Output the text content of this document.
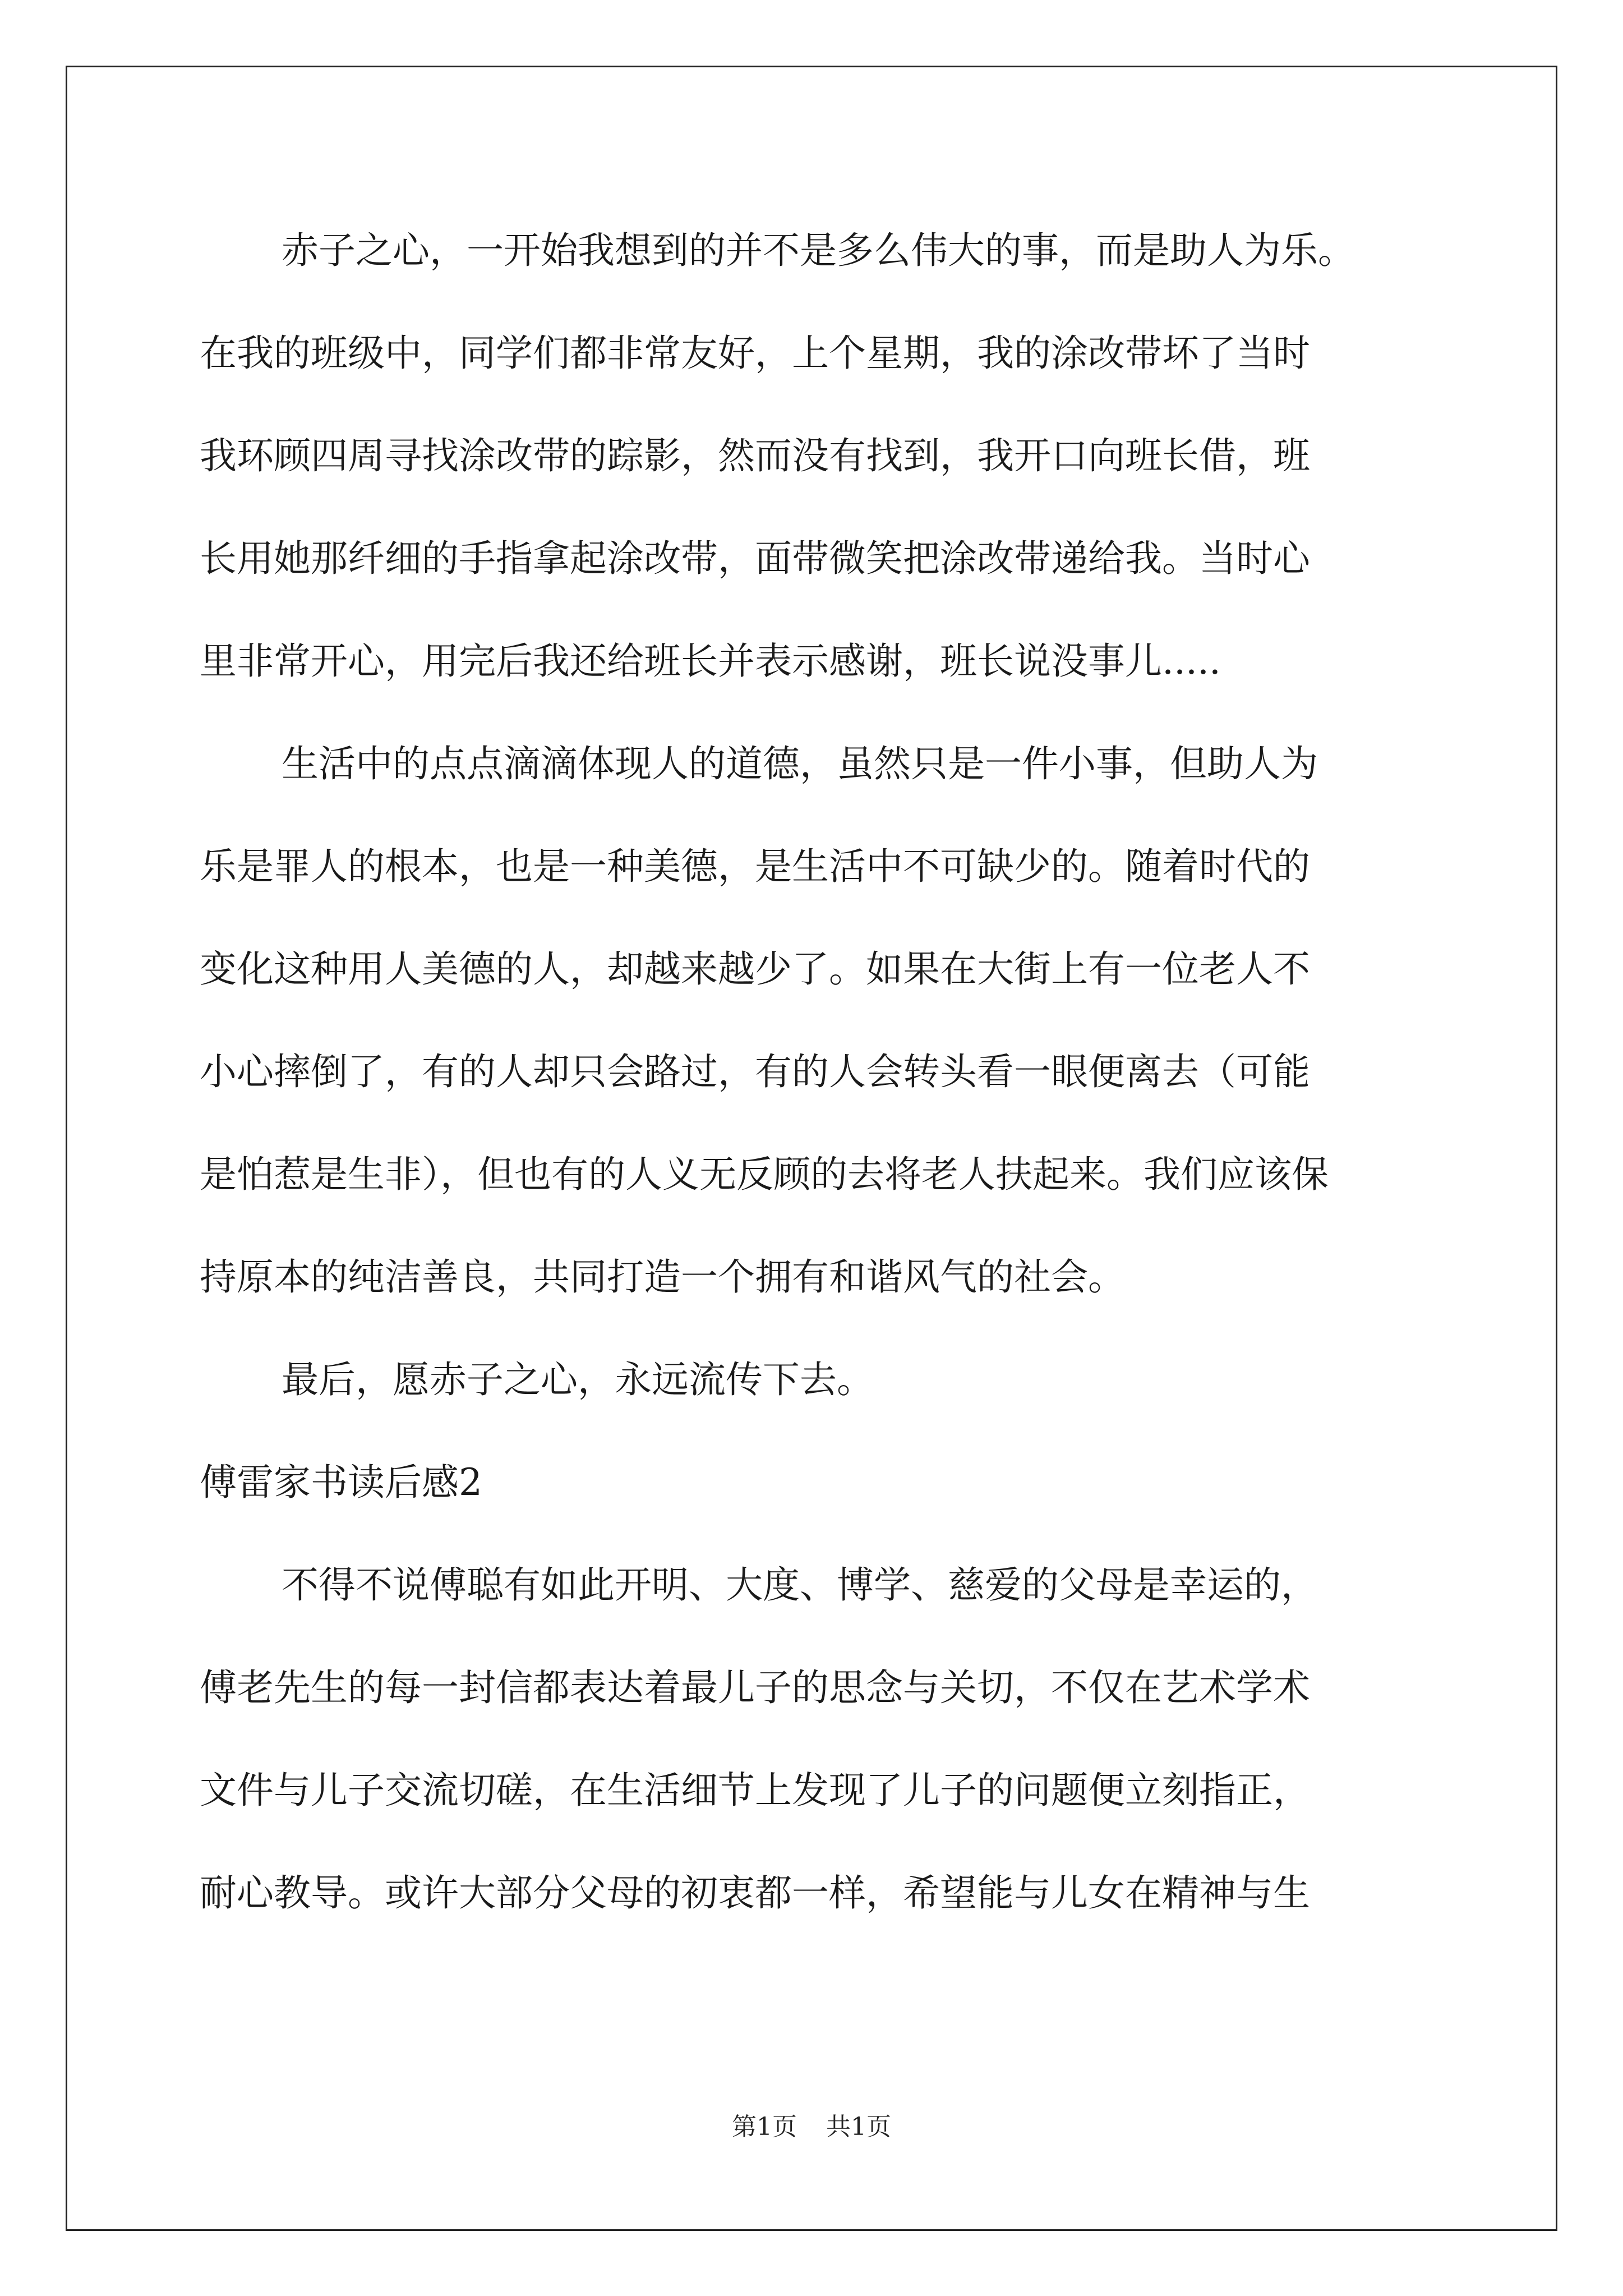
赤子之心，一开始我想到的并不是多么伟大的事，而是助人为乐。
在我的班级中，同学们都非常友好，上个星期，我的涂改带坏了当时
我环顾四周寻找涂改带的踪影，然而没有找到，我开口向班长借，班
长用她那纤细的手指拿起涂改带，面带微笑把涂改带递给我。当时心
里非常开心，用完后我还给班长并表示感谢，班长说没事儿.....
生活中的点点滴滴体现人的道德，虽然只是一件小事，但助人为
乐是罪人的根本，也是一种美德，是生活中不可缺少的。随着时代的
变化这种用人美德的人，却越来越少了。如果在大街上有一位老人不
小心摔倒了，有的人却只会路过，有的人会转头看一眼便离去（可能
是怕惹是生非），但也有的人义无反顾的去将老人扶起来。我们应该保
持原本的纯洁善良，共同打造一个拥有和谐风气的社会。
最后，愿赤子之心，永远流传下去。
傅雷家书读后感2
不得不说傅聪有如此开明、大度、博学、慈爱的父母是幸运的，
傅老先生的每一封信都表达着最儿子的思念与关切，不仅在艺术学术
文件与儿子交流切磋，在生活细节上发现了儿子的问题便立刻指正，
耐心教导。或许大部分父母的初衷都一样，希望能与儿女在精神与生
第1页 共1页
